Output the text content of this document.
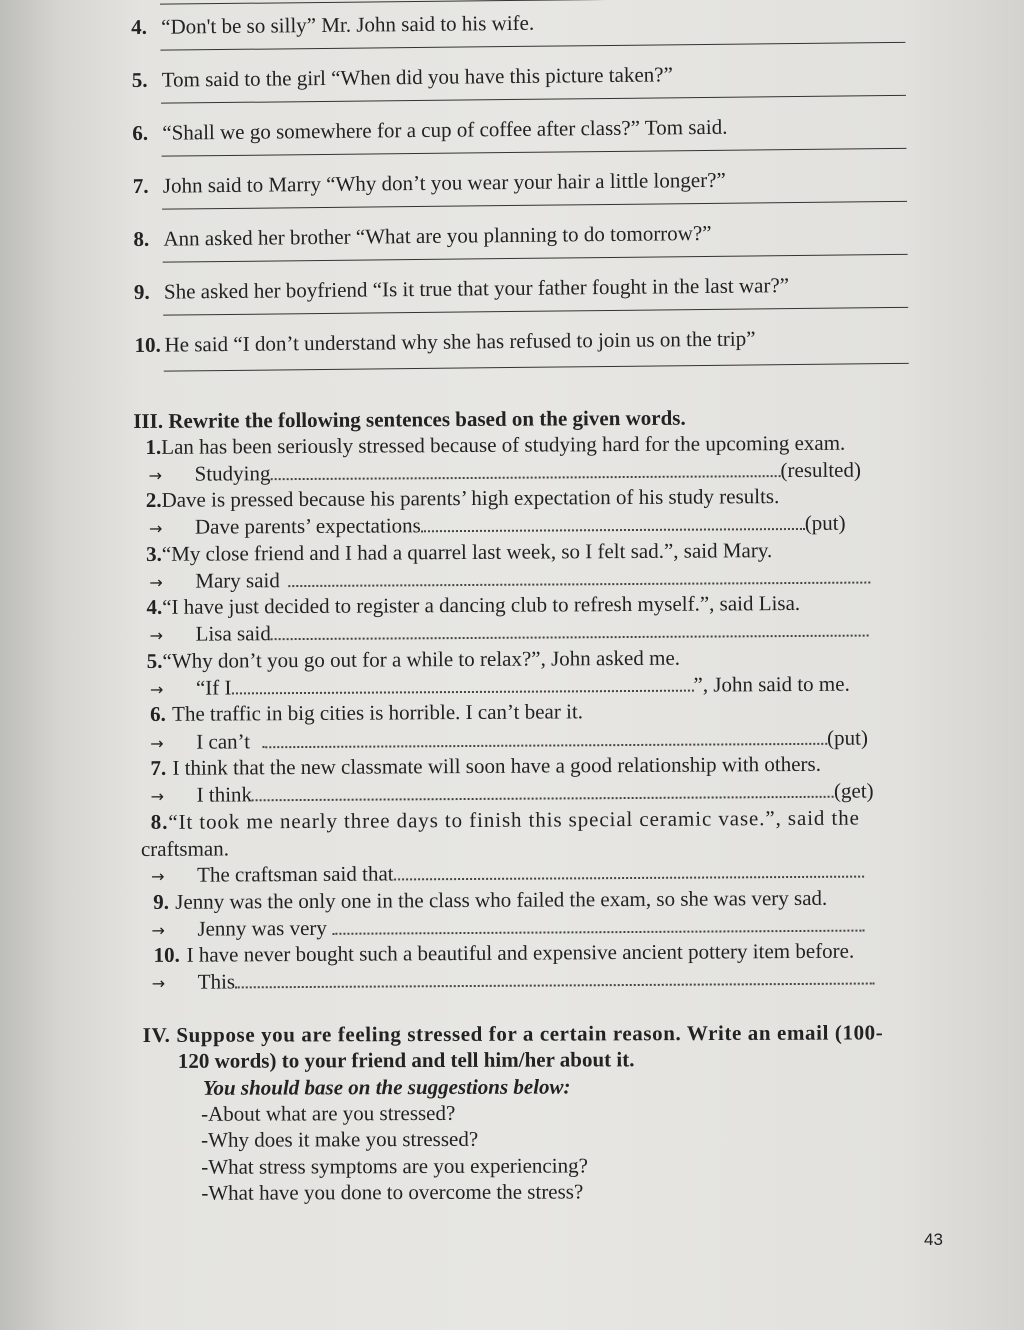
4. “Don't be so silly” Mr. John said to his wife.
5. Tom said to the girl “When did you have this picture taken?”
6. “Shall we go somewhere for a cup of coffee after class?” Tom said.
7. John said to Marry “Why don’t you wear your hair a little longer?”
8. Ann asked her brother “What are you planning to do tomorrow?”
9. She asked her boyfriend “Is it true that your father fought in the last war?”
10. He said “I don’t understand why she has refused to join us on the trip”
III. Rewrite the following sentences based on the given words.
1.Lan has been seriously stressed because of studying hard for the upcoming exam.
→ Studying	(resulted)
2.Dave is pressed because his parents’ high expectation of his study results.
→ Dave parents’ expectations	(put)
3.“My close friend and I had a quarrel last week, so I felt sad.”, said Mary.
→ Mary said
4.“I have just decided to register a dancing club to refresh myself.”, said Lisa.
→ Lisa said
5.“Why don’t you go out for a while to relax?”, John asked me.
→ “If I	”, John said to me.
6. The traffic in big cities is horrible. I can’t bear it.
→ I can’t	(put)
7. I think that the new classmate will soon have a good relationship with others.
→ I think	(get)
8.“It took me nearly three days to finish this special ceramic vase.”, said the
craftsman.
→ The craftsman said that
9. Jenny was the only one in the class who failed the exam, so she was very sad.
→ Jenny was very
10. I have never bought such a beautiful and expensive ancient pottery item before.
→ This
IV. Suppose you are feeling stressed for a certain reason. Write an email (100-
120 words) to your friend and tell him/her about it.
You should base on the suggestions below:
-About what are you stressed?
-Why does it make you stressed?
-What stress symptoms are you experiencing?
-What have you done to overcome the stress?
43
